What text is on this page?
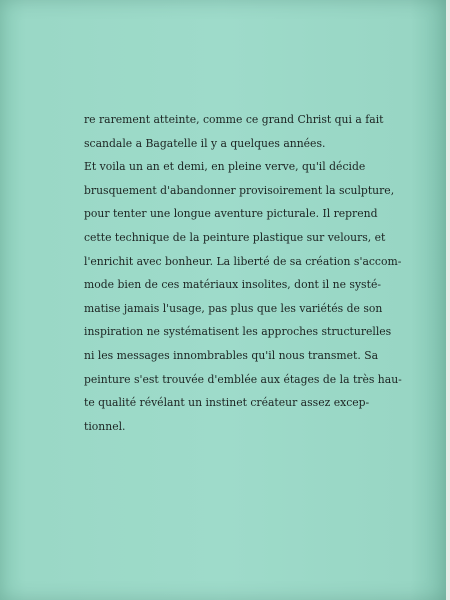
re rarement atteinte, comme ce grand Christ qui a fait
scandale a Bagatelle il y a quelques années.
Et voila un an et demi, en pleine verve, qu'il décide
brusquement d'abandonner provisoirement la sculpture,
pour tenter une longue aventure picturale. Il reprend
cette technique de la peinture plastique sur velours, et
l'enrichit avec bonheur. La liberté de sa création s'accom-
mode bien de ces matériaux insolites, dont il ne systé-
matise jamais l'usage, pas plus que les variétés de son
inspiration ne systématisent les approches structurelles
ni les messages innombrables qu'il nous transmet. Sa
peinture s'est trouvée d'emblée aux étages de la très hau-
te qualité révélant un instinet créateur assez excep-
tionnel.
